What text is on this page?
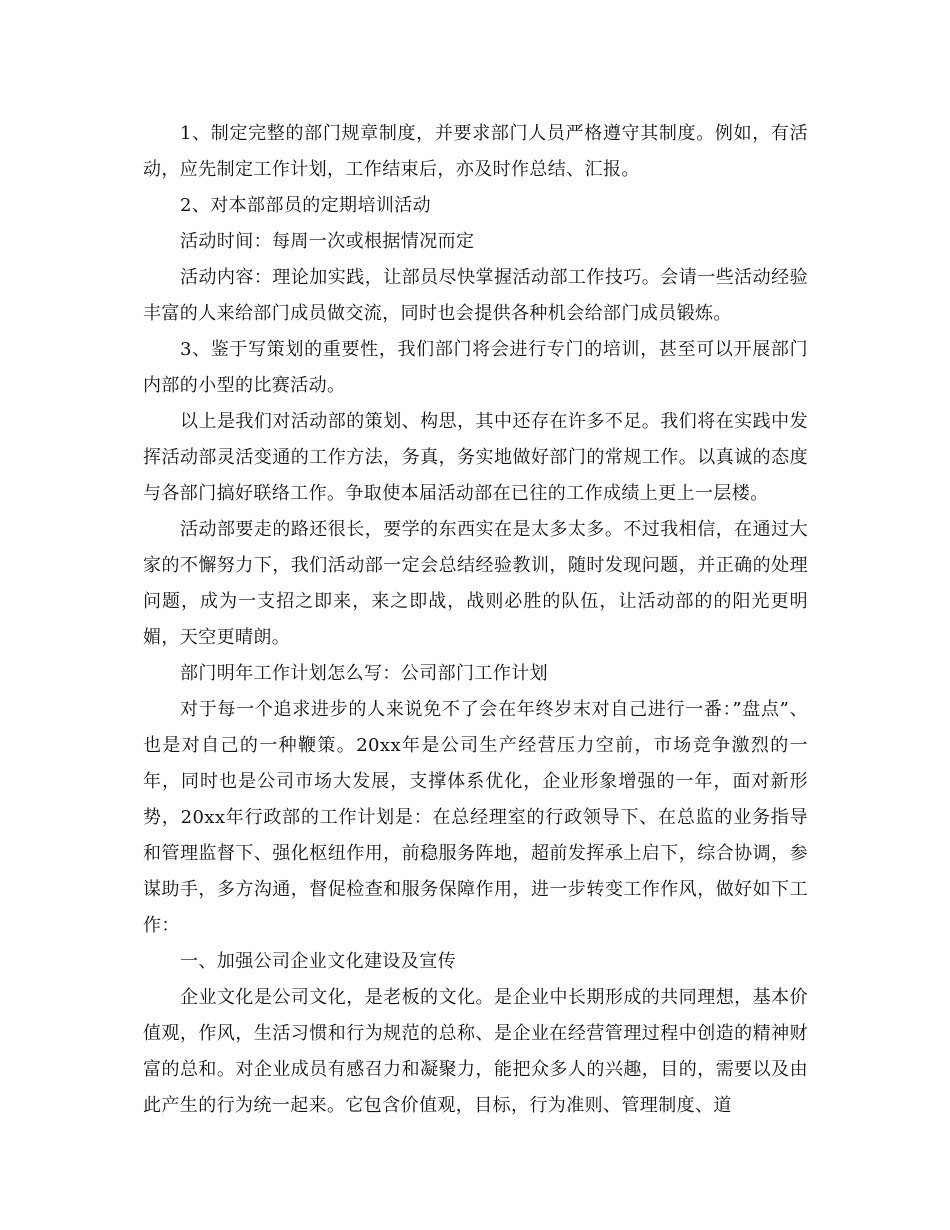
1、制定完整的部门规章制度，并要求部门人员严格遵守其制度。例如，有活动，应先制定工作计划，工作结束后，亦及时作总结、汇报。

2、对本部部员的定期培训活动

活动时间：每周一次或根据情况而定

活动内容：理论加实践，让部员尽快掌握活动部工作技巧。会请一些活动经验丰富的人来给部门成员做交流，同时也会提供各种机会给部门成员锻炼。

3、鉴于写策划的重要性，我们部门将会进行专门的培训，甚至可以开展部门内部的小型的比赛活动。

以上是我们对活动部的策划、构思，其中还存在许多不足。我们将在实践中发挥活动部灵活变通的工作方法，务真，务实地做好部门的常规工作。以真诚的态度与各部门搞好联络工作。争取使本届活动部在已往的工作成绩上更上一层楼。

活动部要走的路还很长，要学的东西实在是太多太多。不过我相信，在通过大家的不懈努力下，我们活动部一定会总结经验教训，随时发现问题，并正确的处理问题，成为一支招之即来，来之即战，战则必胜的队伍，让活动部的的阳光更明媚，天空更晴朗。

部门明年工作计划怎么写：公司部门工作计划

对于每一个追求进步的人来说免不了会在年终岁末对自己进行一番：”盘点”、也是对自己的一种鞭策。20xx年是公司生产经营压力空前，市场竞争激烈的一年，同时也是公司市场大发展，支撑体系优化，企业形象增强的一年，面对新形势，20xx年行政部的工作计划是：在总经理室的行政领导下、在总监的业务指导和管理监督下、强化枢纽作用，前稳服务阵地，超前发挥承上启下，综合协调，参谋助手，多方沟通，督促检查和服务保障作用，进一步转变工作作风，做好如下工作：

一、加强公司企业文化建设及宣传

企业文化是公司文化，是老板的文化。是企业中长期形成的共同理想，基本价值观，作风，生活习惯和行为规范的总称、是企业在经营管理过程中创造的精神财富的总和。对企业成员有感召力和凝聚力，能把众多人的兴趣，目的，需要以及由此产生的行为统一起来。它包含价值观，目标，行为准则、管理制度、道
